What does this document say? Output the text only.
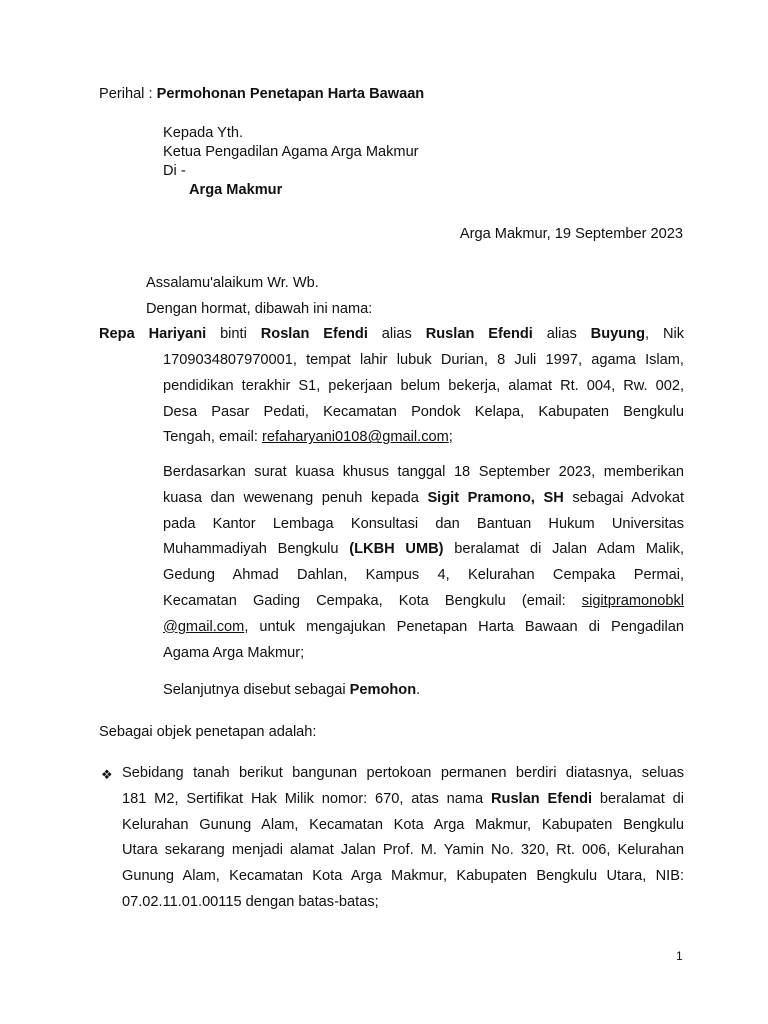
Perihal : Permohonan Penetapan Harta Bawaan
Kepada Yth.
Ketua Pengadilan Agama Arga Makmur
Di -
Arga Makmur
Arga Makmur, 19 September 2023
Assalamu'alaikum Wr. Wb.
Dengan hormat, dibawah ini nama:
Repa Hariyani binti Roslan Efendi alias Ruslan Efendi alias Buyung, Nik
1709034807970001, tempat lahir lubuk Durian, 8 Juli 1997, agama Islam,
pendidikan terakhir S1, pekerjaan belum bekerja, alamat Rt. 004, Rw. 002,
Desa Pasar Pedati, Kecamatan Pondok Kelapa, Kabupaten Bengkulu
Tengah, email: refaharyani0108@gmail.com;
Berdasarkan surat kuasa khusus tanggal 18 September 2023, memberikan
kuasa dan wewenang penuh kepada Sigit Pramono, SH sebagai Advokat
pada Kantor Lembaga Konsultasi dan Bantuan Hukum Universitas
Muhammadiyah Bengkulu (LKBH UMB) beralamat di Jalan Adam Malik,
Gedung Ahmad Dahlan, Kampus 4, Kelurahan Cempaka Permai,
Kecamatan Gading Cempaka, Kota Bengkulu (email: sigitpramonobkl
@gmail.com, untuk mengajukan Penetapan Harta Bawaan di Pengadilan
Agama Arga Makmur;
Selanjutnya disebut sebagai Pemohon.
Sebagai objek penetapan adalah:
❖ Sebidang tanah berikut bangunan pertokoan permanen berdiri diatasnya, seluas
181 M2, Sertifikat Hak Milik nomor: 670, atas nama Ruslan Efendi beralamat di
Kelurahan Gunung Alam, Kecamatan Kota Arga Makmur, Kabupaten Bengkulu
Utara sekarang menjadi alamat Jalan Prof. M. Yamin No. 320, Rt. 006, Kelurahan
Gunung Alam, Kecamatan Kota Arga Makmur, Kabupaten Bengkulu Utara, NIB:
07.02.11.01.00115 dengan batas-batas;
1
